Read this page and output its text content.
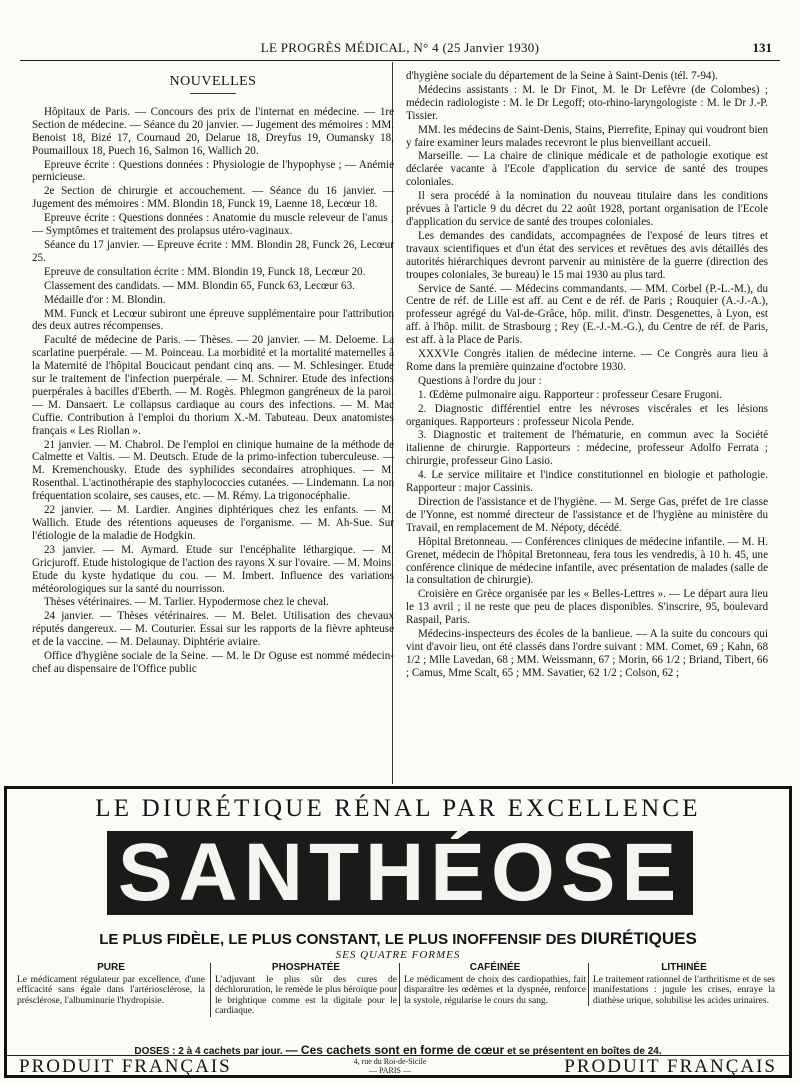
LE PROGRÈS MÉDICAL, N° 4 (25 Janvier 1930)	131
NOUVELLES

Hôpitaux de Paris. — Concours des prix de l'internat en médecine. — 1re Section de médecine. — Séance du 20 janvier. — Jugement des mémoires : MM. Benoist 18, Bizé 17, Cournaud 20, Delarue 18, Dreyfus 19, Oumansky 18, Poumailloux 18, Puech 16, Salmon 16, Wallich 20.

Epreuve écrite : Questions données : Physiologie de l'hypophyse ; — Anémie pernicieuse.

2e Section de chirurgie et accouchement. — Séance du 16 janvier. — Jugement des mémoires : MM. Blondin 18, Funck 19, Laenne 18, Lecœur 18.

Epreuve écrite : Questions données : Anatomie du muscle releveur de l'anus ; — Symptômes et traitement des prolapsus utéro-vaginaux.

Séance du 17 janvier. — Epreuve écrite : MM. Blondin 28, Funck 26, Lecœur 25.

Epreuve de consultation écrite : MM. Blondin 19, Funck 18, Lecœur 20.

Classement des candidats. — MM. Blondin 65, Funck 63, Lecœur 63.

Médaille d'or : M. Blondin.

MM. Funck et Lecœur subiront une épreuve supplémentaire pour l'attribution des deux autres récompenses.

Faculté de médecine de Paris. — Thèses. — 20 janvier. — M. Deloeme. La scarlatine puerpérale. — M. Poinceau. La morbidité et la mortalité maternelles à la Maternité de l'hôpital Boucicaut pendant cinq ans. — M. Schlesinger. Etude sur le traitement de l'infection puerpérale. — M. Schnirer. Etude des infections puerpérales à bacilles d'Eberth. — M. Rogès. Phlegmon gangréneux de la paroi. — M. Dansaert. Le collapsus cardiaque au cours des infections. — M. Mac Cuffie. Contribution à l'emploi du thorium X.-M. Tabuteau. Deux anatomistes français « Les Riollan ».

21 janvier. — M. Chabrol. De l'emploi en clinique humaine de la méthode de Calmette et Valtis. — M. Deutsch. Etude de la primo-infection tuberculeuse. — M. Kremenchousky. Etude des syphilides secondaires atrophiques. — M. Rosenthal. L'actinothérapie des staphylococcies cutanées. — Lindemann. La non fréquentation scolaire, ses causes, etc. — M. Rémy. La trigonocéphalie.

22 janvier. — M. Lardier. Angines diphtériques chez les enfants. — M. Wallich. Etude des rétentions aqueuses de l'organisme. — M. Ah-Sue. Sur l'étiologie de la maladie de Hodgkin.

23 janvier. — M. Aymard. Etude sur l'encéphalite léthargique. — M. Gricjuroff. Etude histologique de l'action des rayons X sur l'ovaire. — M. Moins. Etude du kyste hydatique du cou. — M. Imbert. Influence des variations météorologiques sur la santé du nourrisson.

Thèses vétérinaires. — M. Tarlier. Hypodermose chez le cheval.

24 janvier. — Thèses vétérinaires. — M. Belet. Utilisation des chevaux réputés dangereux. — M. Couturier. Essai sur les rapports de la fièvre aphteuse et de la vaccine. — M. Delaunay. Diphtérie aviaire.

Office d'hygiène sociale de la Seine. — M. le Dr Oguse est nommé médecin-chef au dispensaire de l'Office public

d'hygiène sociale du département de la Seine à Saint-Denis (tél. 7-94).

Médecins assistants : M. le Dr Finot, M. le Dr Lefèvre (de Colombes) ; médecin radiologiste : M. le Dr Legoff; oto-rhino-laryngologiste : M. le Dr J.-P. Tissier.

MM. les médecins de Saint-Denis, Stains, Pierrefite, Epinay qui voudront bien y faire examiner leurs malades recevront le plus bienveillant accueil.

Marseille. — La chaire de clinique médicale et de pathologie exotique est déclarée vacante à l'Ecole d'application du service de santé des troupes coloniales.

Il sera procédé à la nomination du nouveau titulaire dans les conditions prévues à l'article 9 du décret du 22 août 1928, portant organisation de l'Ecole d'application du service de santé des troupes coloniales.

Les demandes des candidats, accompagnées de l'exposé de leurs titres et travaux scientifiques et d'un état des services et revêtues des avis détaillés des autorités hiérarchiques devront parvenir au ministère de la guerre (direction des troupes coloniales, 3e bureau) le 15 mai 1930 au plus tard.

Service de Santé. — Médecins commandants. — MM. Corbel (P.-L.-M.), du Centre de réf. de Lille est aff. au Cent e de réf. de Paris ; Rouquier (A.-J.-A.), professeur agrégé du Val-de-Grâce, hôp. milit. d'instr. Desgenettes, à Lyon, est aff. à l'hôp. milit. de Strasbourg ; Rey (E.-J.-M.-G.), du Centre de réf. de Paris, est aff. à la Place de Paris.

XXXVIe Congrès italien de médecine interne. — Ce Congrès aura lieu à Rome dans la première quinzaine d'octobre 1930.

Questions à l'ordre du jour :

1. Œdème pulmonaire aigu. Rapporteur : professeur Cesare Frugoni.

2. Diagnostic différentiel entre les névroses viscérales et les lésions organiques. Rapporteurs : professeur Nicola Pende.

3. Diagnostic et traitement de l'hématurie, en commun avec la Société italienne de chirurgie. Rapporteurs : médecine, professeur Adolfo Ferrata ; chirurgie, professeur Gino Lasio.

4. Le service militaire et l'indice constitutionnel en biologie et pathologie. Rapporteur : major Cassinis.

Direction de l'assistance et de l'hygiène. — M. Serge Gas, préfet de 1re classe de l'Yonne, est nommé directeur de l'assistance et de l'hygiène au ministère du Travail, en remplacement de M. Népoty, décédé.

Hôpital Bretonneau. — Conférences cliniques de médecine infantile. — M. H. Grenet, médecin de l'hôpital Bretonneau, fera tous les vendredis, à 10 h. 45, une conférence clinique de médecine infantile, avec présentation de malades (salle de la consultation de chirurgie).

Croisière en Grèce organisée par les « Belles-Lettres ». — Le départ aura lieu le 13 avril ; il ne reste que peu de places disponibles. S'inscrire, 95, boulevard Raspail, Paris.

Médecins-inspecteurs des écoles de la banlieue. — A la suite du concours qui vint d'avoir lieu, ont été classés dans l'ordre suivant : MM. Comet, 69 ; Kahn, 68 1/2 ; Mlle Lavedan, 68 ; MM. Weissmann, 67 ; Morin, 66 1/2 ; Briand, Tibert, 66 ; Camus, Mme Scalt, 65 ; MM. Savatier, 62 1/2 ; Colson, 62 ;

LE DIURÉTIQUE RÉNAL PAR EXCELLENCE
SANTHÉOSE
LE PLUS FIDÈLE, LE PLUS CONSTANT, LE PLUS INOFFENSIF DES DIURÉTIQUES
SES QUATRE FORMES
PURE
Le médicament régulateur par excellence, d'une efficacité sans égale dans l'artériosclérose, la présclérose, l'albuminurie l'hydropisie.
PHOSPHATÉE
L'adjuvant le plus sûr des cures de déchloruration, le remède le plus héroïque pour le brightique comme est la digitale pour le cardiaque.
CAFÉINÉE
Le médicament de choix des cardiopathies, fait disparaître les œdèmes et la dyspnée, renforce la systole, régularise le cours du sang.
LITHINÉE
Le traitement rationnel de l'arthritisme et de ses manifestations : jugule les crises, enraye la diathèse urique, solubilise les acides urinaires.
DOSES : 2 à 4 cachets par jour. — Ces cachets sont en forme de cœur et se présentent en boîtes de 24.
PRODUIT FRANÇAIS	4, rue du Roi-de-Sicile
— PARIS —	PRODUIT FRANÇAIS
